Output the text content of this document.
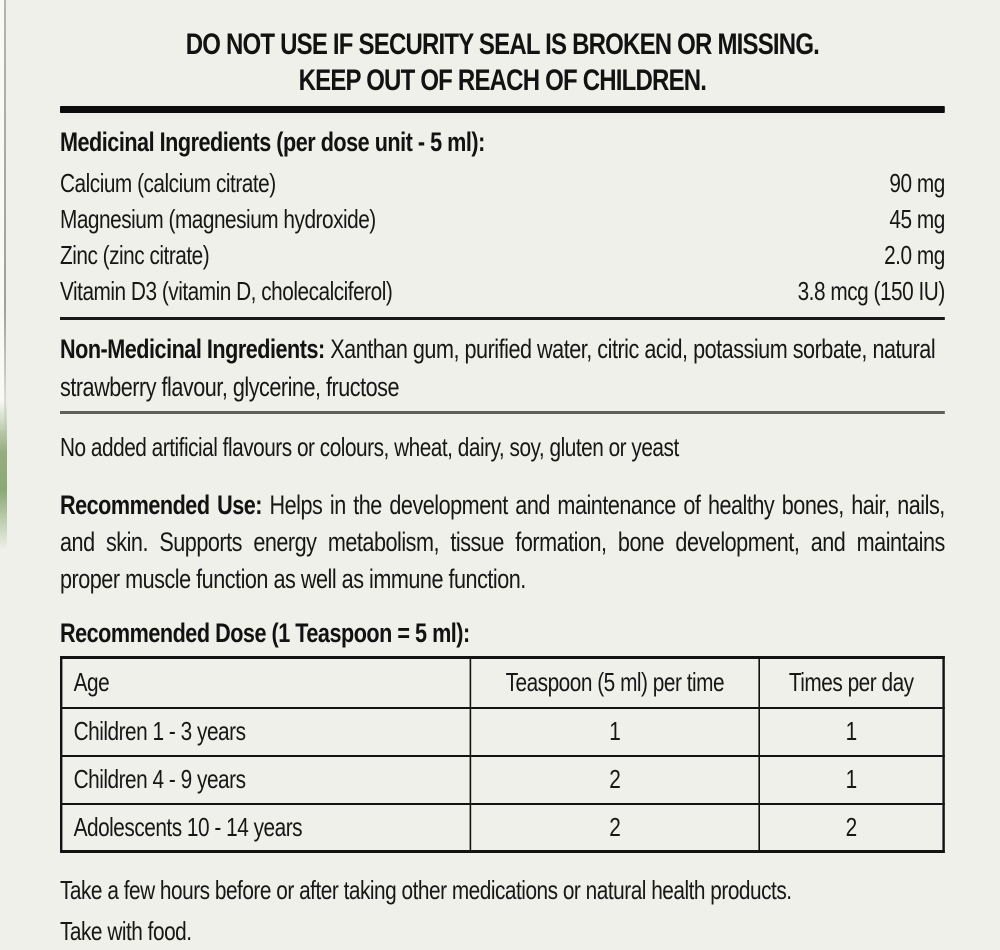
DO NOT USE IF SECURITY SEAL IS BROKEN OR MISSING.
KEEP OUT OF REACH OF CHILDREN.
Medicinal Ingredients (per dose unit - 5 ml):
Calcium (calcium citrate)	90 mg
Magnesium (magnesium hydroxide)	45 mg
Zinc (zinc citrate)	2.0 mg
Vitamin D3 (vitamin D, cholecalciferol)	3.8 mcg (150 IU)

Non-Medicinal Ingredients: Xanthan gum, purified water, citric acid, potassium sorbate, natural strawberry flavour, glycerine, fructose

No added artificial flavours or colours, wheat, dairy, soy, gluten or yeast

Recommended Use: Helps in the development and maintenance of healthy bones, hair, nails, and skin. Supports energy metabolism, tissue formation, bone development, and maintains proper muscle function as well as immune function.

Recommended Dose (1 Teaspoon = 5 ml):
Age	Teaspoon (5 ml) per time	Times per day
Children 1 - 3 years	1	1
Children 4 - 9 years	2	1
Adolescents 10 - 14 years	2	2

Take a few hours before or after taking other medications or natural health products.

Take with food.
